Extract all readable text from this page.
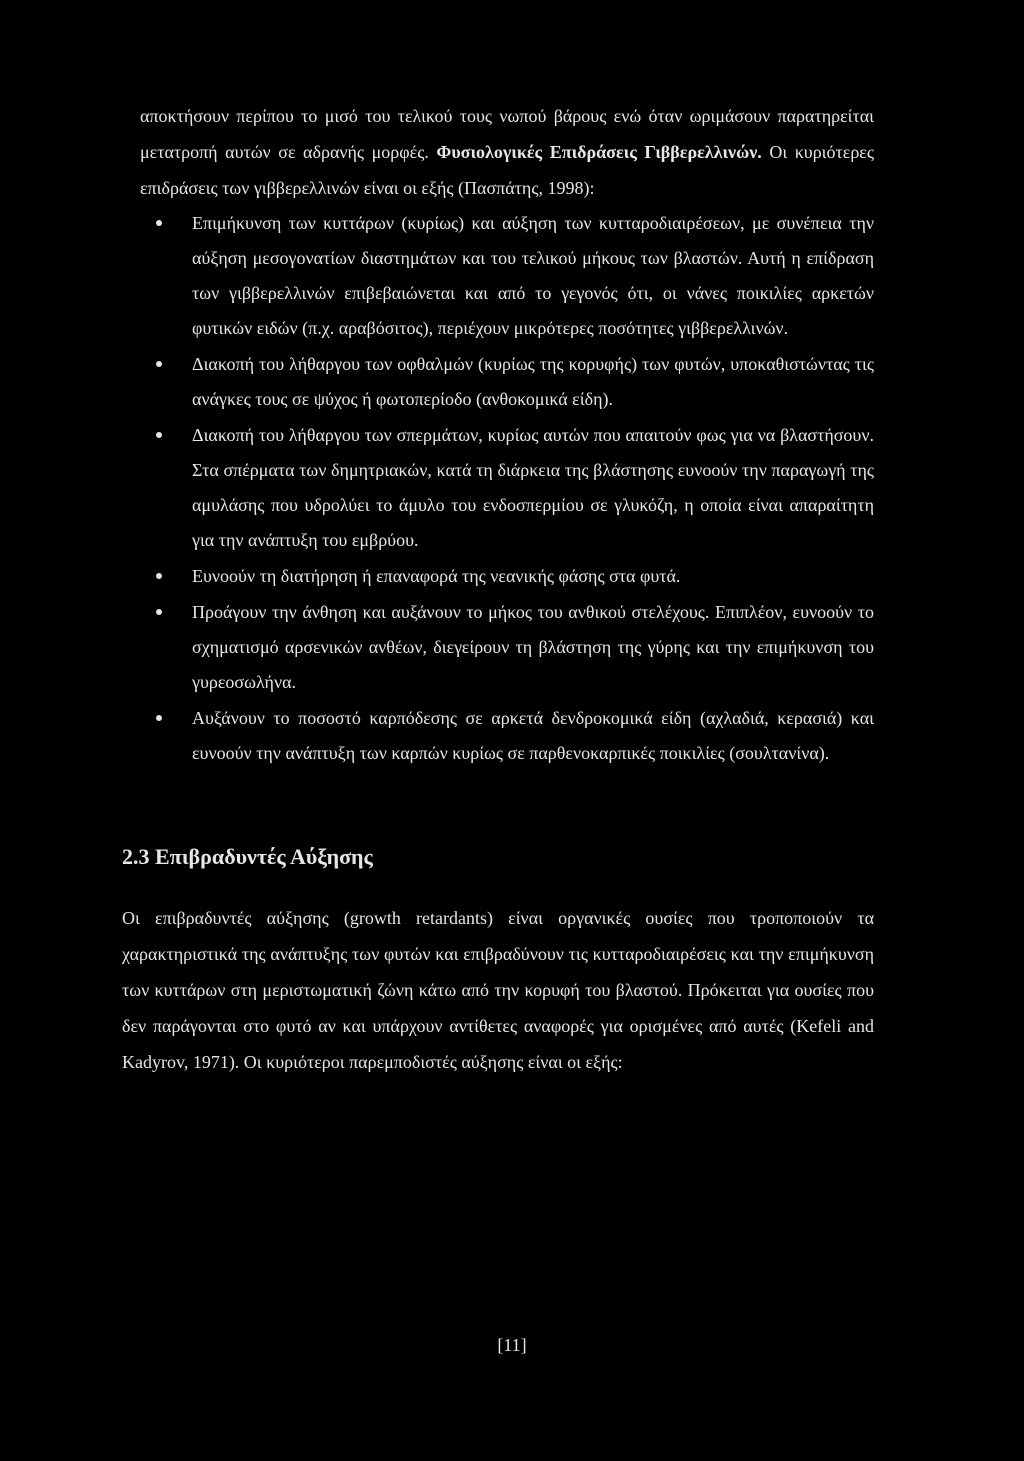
αποκτήσουν περίπου το μισό του τελικού τους νωπού βάρους ενώ όταν ωριμάσουν παρατηρείται μετατροπή αυτών σε αδρανής μορφές. Φυσιολογικές Επιδράσεις Γιββερελλινών. Οι κυριότερες επιδράσεις των γιββερελλινών είναι οι εξής (Πασπάτης, 1998):

Επιμήκυνση των κυττάρων (κυρίως) και αύξηση των κυτταροδιαιρέσεων, με συνέπεια την αύξηση μεσογονατίων διαστημάτων και του τελικού μήκους των βλαστών. Αυτή η επίδραση των γιββερελλινών επιβεβαιώνεται και από το γεγονός ότι, οι νάνες ποικιλίες αρκετών φυτικών ειδών (π.χ. αραβόσιτος), περιέχουν μικρότερες ποσότητες γιββερελλινών.
Διακοπή του λήθαργου των οφθαλμών (κυρίως της κορυφής) των φυτών, υποκαθιστώντας τις ανάγκες τους σε ψύχος ή φωτοπερίοδο (ανθοκομικά είδη).
Διακοπή του λήθαργου των σπερμάτων, κυρίως αυτών που απαιτούν φως για να βλαστήσουν. Στα σπέρματα των δημητριακών, κατά τη διάρκεια της βλάστησης ευνοούν την παραγωγή της αμυλάσης που υδρολύει το άμυλο του ενδοσπερμίου σε γλυκόζη, η οποία είναι απαραίτητη για την ανάπτυξη του εμβρύου.
Ευνοούν τη διατήρηση ή επαναφορά της νεανικής φάσης στα φυτά.
Προάγουν την άνθηση και αυξάνουν το μήκος του ανθικού στελέχους. Επιπλέον, ευνοούν το σχηματισμό αρσενικών ανθέων, διεγείρουν τη βλάστηση της γύρης και την επιμήκυνση του γυρεοσωλήνα.
Αυξάνουν το ποσοστό καρπόδεσης σε αρκετά δενδροκομικά είδη (αχλαδιά, κερασιά) και ευνοούν την ανάπτυξη των καρπών κυρίως σε παρθενοκαρπικές ποικιλίες (σουλτανίνα).
2.3 Επιβραδυντές Αύξησης

Οι επιβραδυντές αύξησης (growth retardants) είναι οργανικές ουσίες που τροποποιούν τα χαρακτηριστικά της ανάπτυξης των φυτών και επιβραδύνουν τις κυτταροδιαιρέσεις και την επιμήκυνση των κυττάρων στη μεριστωματική ζώνη κάτω από την κορυφή του βλαστού. Πρόκειται για ουσίες που δεν παράγονται στο φυτό αν και υπάρχουν αντίθετες αναφορές για ορισμένες από αυτές (Kefeli and Kadyrov, 1971). Οι κυριότεροι παρεμποδιστές αύξησης είναι οι εξής:

[11]
